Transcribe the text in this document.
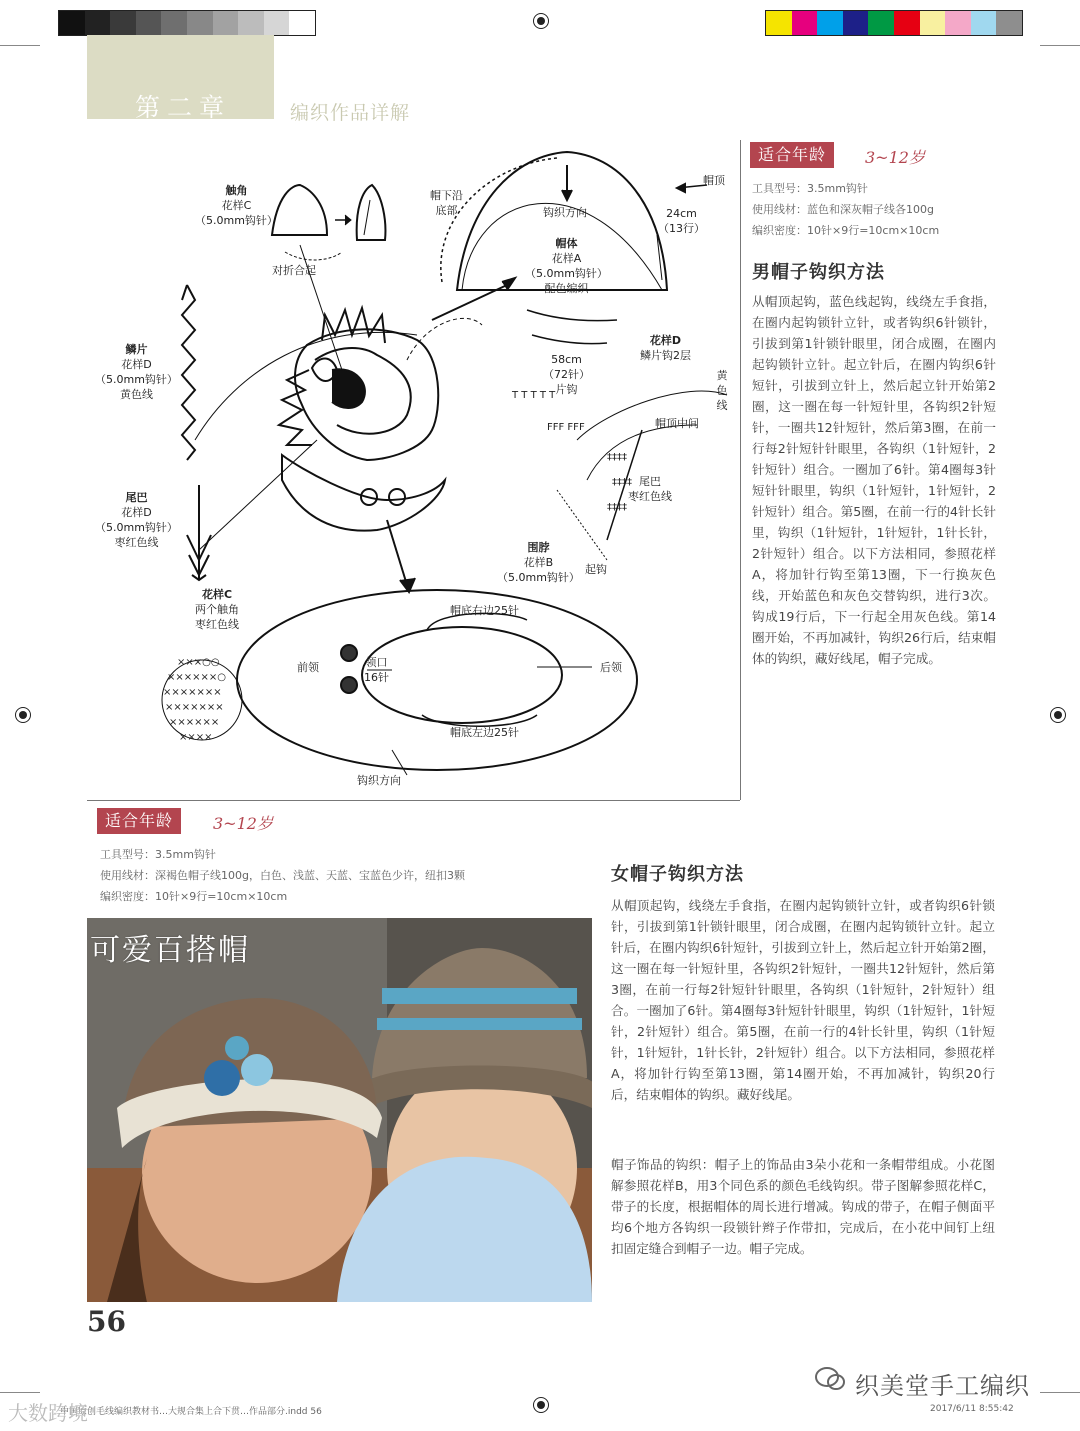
第二章	编织作品详解
×××○○
××××××○
×××××××
×××××××
××××××
××××
T T T T T
FFF FFF
‡‡‡‡
‡‡‡‡
‡‡‡‡
触角
花样C
（5.0mm钩针）
对折合起
鳞片
花样D
（5.0mm钩针）
黄色线
尾巴
花样D
（5.0mm钩针）
枣红色线
花样C
两个触角
枣红色线
帽下沿
底部	钩织方向
帽体
花样A
（5.0mm钩针）
配色编织
帽顶
24cm
（13行）
58cm
（72针）
片钩
花样D
鳞片钩2层
黄色线
帽顶中间
尾巴
枣红色线
起钩
围脖
花样B
（5.0mm钩针）
帽底右边25针
帽底左边25针
前领	领口
16针
后领
钩织方向
适合年龄	3~12岁
工具型号：3.5mm钩针
使用线材：蓝色和深灰帽子线各100g
编织密度：10针×9行=10cm×10cm
男帽子钩织方法
从帽顶起钩，蓝色线起钩，线绕左手食指，在圈内起钩锁针立针，或者钩织6针锁针，引拔到第1针锁针眼里，闭合成圈，在圈内起钩锁针立针。起立针后，在圈内钩织6针短针，引拔到立针上，然后起立针开始第2圈，这一圈在每一针短针里，各钩织2针短针，一圈共12针短针，然后第3圈，在前一行每2针短针针眼里，各钩织（1针短针，2针短针）组合。一圈加了6针。第4圈每3针短针针眼里，钩织（1针短针，1针短针，2针短针）组合。第5圈，在前一行的4针长针里，钩织（1针短针，1针短针，1针长针，2针短针）组合。以下方法相同，参照花样A，将加针行钩至第13圈，下一行换灰色线，开始蓝色和灰色交替钩织，进行3次。钩成19行后，下一行起全用灰色线。第14圈开始，不再加减针，钩织26行后，结束帽体的钩织，藏好线尾，帽子完成。
适合年龄	3~12岁
工具型号：3.5mm钩针
使用线材：深褐色帽子线100g，白色、浅蓝、天蓝、宝蓝色少许，纽扣3颗
编织密度：10针×9行=10cm×10cm
女帽子钩织方法
从帽顶起钩，线绕左手食指，在圈内起钩锁针立针，或者钩织6针锁针，引拔到第1针锁针眼里，闭合成圈，在圈内起钩锁针立针。起立针后，在圈内钩织6针短针，引拔到立针上，然后起立针开始第2圈，这一圈在每一针短针里，各钩织2针短针，一圈共12针短针，然后第3圈，在前一行每2针短针针眼里，各钩织（1针短针，2针短针）组合。一圈加了6针。第4圈每3针短针针眼里，钩织（1针短针，1针短针，2针短针）组合。第5圈，在前一行的4针长针里，钩织（1针短针，1针短针，1针长针，2针短针）组合。以下方法相同，参照花样A，将加针行钩至第13圈，第14圈开始，不再加减针，钩织20行后，结束帽体的钩织。藏好线尾。
帽子饰品的钩织：帽子上的饰品由3朵小花和一条帽带组成。小花图解参照花样B，用3个同色系的颜色毛线钩织。带子图解参照花样C，带子的长度，根据帽体的周长进行增减。钩成的带子，在帽子侧面平均6个地方各钩织一段锁针辫子作带扣，完成后，在小花中间钉上纽扣固定缝合到帽子一边。帽子完成。
可爱百搭帽
56
中国原创毛线编织教材书…大规合集上合下贯…作品部分.indd 56	2017/6/11 8:55:42
织美堂手工编织
大数跨境
